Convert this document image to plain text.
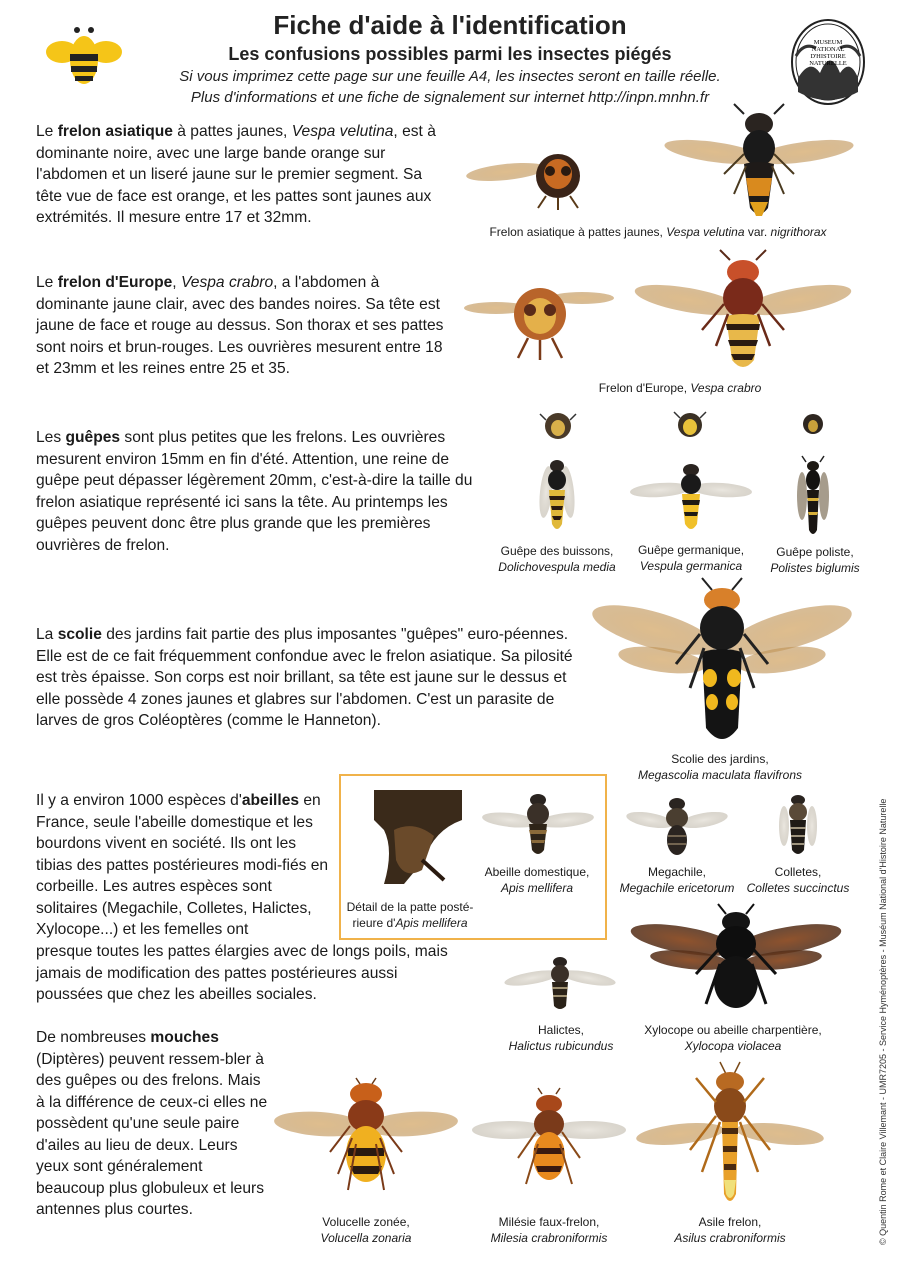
MUSEUM
NATIONAL
D'HISTOIRE
NATURELLE
Fiche d'aide à l'identification
Les confusions possibles parmi les insectes piégés
Si vous imprimez cette page sur une feuille A4, les insectes seront en taille réelle.
Plus d'informations et une fiche de signalement sur internet http://inpn.mnhn.fr
Le frelon asiatique à pattes jaunes, Vespa velutina, est à dominante noire, avec une large bande orange sur l'abdomen et un liseré jaune sur le premier segment. Sa tête vue de face est orange, et les pattes sont jaunes aux extrémités. Il mesure entre 17 et 32mm.
Frelon asiatique à pattes jaunes, Vespa velutina var. nigrithorax
Le frelon d'Europe, Vespa crabro, a l'abdomen à dominante jaune clair, avec des bandes noires. Sa tête est jaune de face et rouge au dessus. Son thorax et ses pattes sont noirs et brun-rouges. Les ouvrières mesurent entre 18 et 23mm et les reines entre 25 et 35.
Frelon d'Europe, Vespa crabro
Les guêpes sont plus petites que les frelons. Les ouvrières mesurent environ 15mm en fin d'été. Attention, une reine de guêpe peut dépasser légèrement 20mm, c'est-à-dire la taille du frelon asiatique représenté ici sans la tête. Au printemps les guêpes peuvent donc être plus grande que les premières ouvrières de frelon.	Guêpe des buissons,
Dolichovespula media
Guêpe germanique,
Vespula germanica
Guêpe poliste,
Polistes biglumis
La scolie des jardins fait partie des plus imposantes "guêpes" euro-péennes. Elle est de ce fait fréquemment confondue avec le frelon asiatique. Sa pilosité est très épaisse. Son corps est noir brillant, sa tête est jaune sur le dessus et elle possède 4 zones jaunes et glabres sur l'abdomen. C'est un parasite de larves de gros Coléoptères (comme le Hanneton).
Scolie des jardins,
Megascolia maculata flavifrons
Il y a environ 1000 espèces d'abeilles en France, seule l'abeille domestique et les bourdons vivent en société. Ils ont les tibias des pattes postérieures modi-fiés en corbeille. Les autres espèces sont solitaires (Megachile, Colletes, Halictes, Xylocope...) et les femelles ont
presque toutes les pattes élargies avec de longs poils, mais jamais de modification des pattes postérieures aussi poussées que chez les abeilles sociales.
Abeille domestique,
Apis mellifera
Détail de la patte posté-
rieure d'Apis mellifera
Megachile,
Megachile ericetorum
Colletes,
Colletes succinctus
Halictes,
Halictus rubicundus
Xylocope ou abeille charpentière,
Xylocopa violacea
De nombreuses mouches (Diptères) peuvent ressem-bler à des guêpes ou des frelons. Mais à la différence de ceux-ci elles ne possèdent qu'une seule paire d'ailes au lieu de deux. Leurs yeux sont généralement beaucoup plus globuleux et leurs antennes plus courtes.
Volucelle zonée,
Volucella zonaria
Milésie faux-frelon,
Milesia crabroniformis
Asile frelon,
Asilus crabroniformis	© Quentin Rome et Claire Villemant - UMR7205 - Service Hyménoptères - Muséum National d'Histoire Naturelle
